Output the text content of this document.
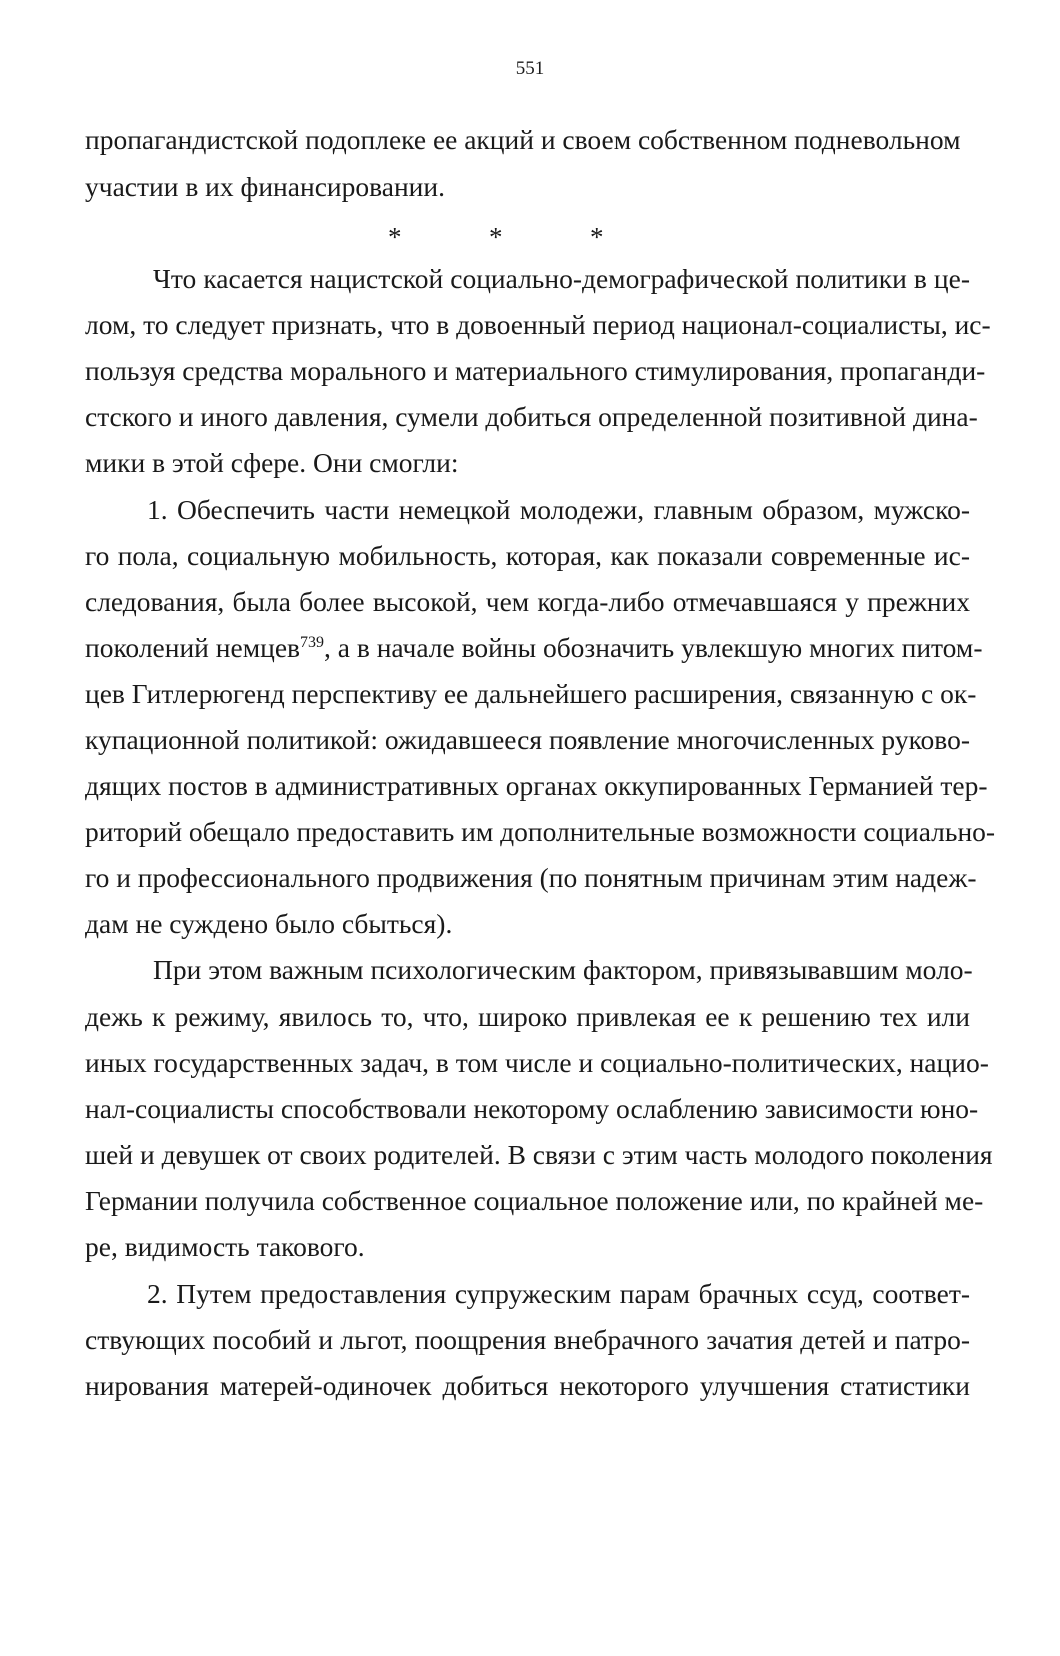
551
пропагандистской подоплеке ее акций и своем собственном подневольном
участии в их финансировании.
*	*	*
Что касается нацистской социально-демографической политики в це-
лом, то следует признать, что в довоенный период национал-социалисты, ис-
пользуя средства морального и материального стимулирования, пропаганди-
стского и иного давления, сумели добиться определенной позитивной дина-
мики в этой сфере. Они смогли:
1. Обеспечить части немецкой молодежи, главным образом, мужско-
го пола, социальную мобильность, которая, как показали современные ис-
следования, была более высокой, чем когда-либо отмечавшаяся у прежних
поколений немцев$^{739}$, а в начале войны обозначить увлекшую многих питом-
цев Гитлерюгенд перспективу ее дальнейшего расширения, связанную с ок-
купационной политикой: ожидавшееся появление многочисленных руково-
дящих постов в административных органах оккупированных Германией тер-
риторий обещало предоставить им дополнительные возможности социально-
го и профессионального продвижения (по понятным причинам этим надеж-
дам не суждено было сбыться).
При этом важным психологическим фактором, привязывавшим моло-
дежь к режиму, явилось то, что, широко привлекая ее к решению тех или
иных государственных задач, в том числе и социально-политических, нацио-
нал-социалисты способствовали некоторому ослаблению зависимости юно-
шей и девушек от своих родителей. В связи с этим часть молодого поколения
Германии получила собственное социальное положение или, по крайней ме-
ре, видимость такового.
2. Путем предоставления супружеским парам брачных ссуд, соответ-
ствующих пособий и льгот, поощрения внебрачного зачатия детей и патро-
нирования матерей-одиночек добиться некоторого улучшения статистики
